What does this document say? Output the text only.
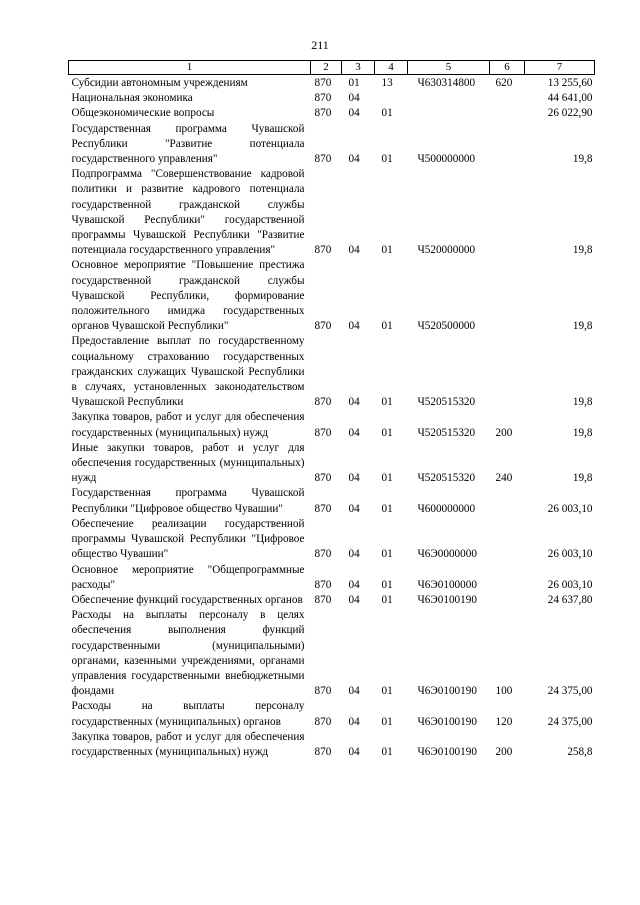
211
1	2	3	4	5	6	7
Субсидии автономным учреждениям	870	01	13	Ч630314800	620	13 255,60
Национальная экономика	870	04				44 641,00
Общеэкономические вопросы	870	04	01			26 022,90
Государственная программа Чувашской Республики "Развитие потенциала государственного управления"	870	04	01	Ч500000000		19,8
Подпрограмма "Совершенствование кадровой политики и развитие кадрового потенциала государственной гражданской службы Чувашской Республики" государственной программы Чувашской Республики "Развитие потенциала государственного управления"	870	04	01	Ч520000000		19,8
Основное мероприятие "Повышение престижа государственной гражданской службы Чувашской Республики, формирование положительного имиджа государственных органов Чувашской Республики"	870	04	01	Ч520500000		19,8
Предоставление выплат по государственному социальному страхованию государственных гражданских служащих Чувашской Республики в случаях, установленных законодательством Чувашской Республики	870	04	01	Ч520515320		19,8
Закупка товаров, работ и услуг для обеспечения государственных (муниципальных) нужд	870	04	01	Ч520515320	200	19,8
Иные закупки товаров, работ и услуг для обеспечения государственных (муниципальных) нужд	870	04	01	Ч520515320	240	19,8
Государственная программа Чувашской Республики "Цифровое общество Чувашии"	870	04	01	Ч600000000		26 003,10
Обеспечение реализации государственной программы Чувашской Республики "Цифровое общество Чувашии"	870	04	01	Ч6Э0000000		26 003,10
Основное мероприятие "Общепрограммные расходы"	870	04	01	Ч6Э0100000		26 003,10
Обеспечение функций государственных органов	870	04	01	Ч6Э0100190		24 637,80
Расходы на выплаты персоналу в целях обеспечения выполнения функций государственными (муниципальными) органами, казенными учреждениями, органами управления государственными внебюджетными фондами	870	04	01	Ч6Э0100190	100	24 375,00
Расходы на выплаты персоналу государственных (муниципальных) органов	870	04	01	Ч6Э0100190	120	24 375,00
Закупка товаров, работ и услуг для обеспечения государственных (муниципальных) нужд	870	04	01	Ч6Э0100190	200	258,8
